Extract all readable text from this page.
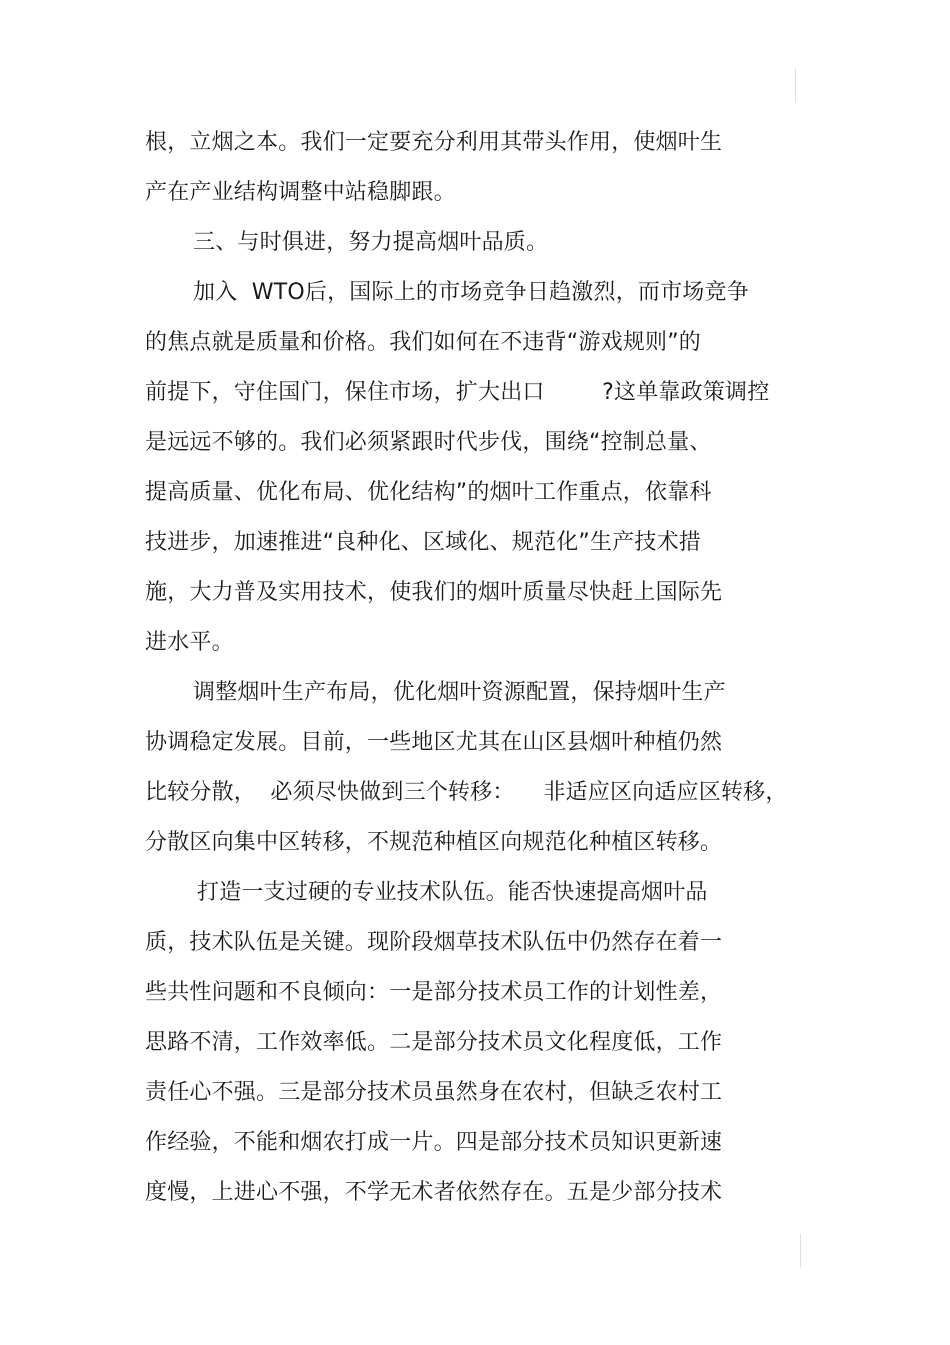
根，立烟之本。我们一定要充分利用其带头作用，使烟叶生
产在产业结构调整中站稳脚跟。
三、与时俱进，努力提高烟叶品质。
加入  WTO后，国际上的市场竞争日趋激烈，而市场竞争
的焦点就是质量和价格。我们如何在不违背“游戏规则”的
前提下，守住国门，保住市场，扩大出口        ?这单靠政策调控
是远远不够的。我们必须紧跟时代步伐，围绕“控制总量、
提高质量、优化布局、优化结构”的烟叶工作重点，依靠科
技进步，加速推进“良种化、区域化、规范化”生产技术措
施，大力普及实用技术，使我们的烟叶质量尽快赶上国际先
进水平。
调整烟叶生产布局，优化烟叶资源配置，保持烟叶生产
协调稳定发展。目前，一些地区尤其在山区县烟叶种植仍然
比较分散，  必须尽快做到三个转移：    非适应区向适应区转移，
分散区向集中区转移，不规范种植区向规范化种植区转移。
打造一支过硬的专业技术队伍。能否快速提高烟叶品
质，技术队伍是关键。现阶段烟草技术队伍中仍然存在着一
些共性问题和不良倾向：一是部分技术员工作的计划性差，
思路不清，工作效率低。二是部分技术员文化程度低，工作
责任心不强。三是部分技术员虽然身在农村，但缺乏农村工
作经验，不能和烟农打成一片。四是部分技术员知识更新速
度慢，上进心不强，不学无术者依然存在。五是少部分技术
